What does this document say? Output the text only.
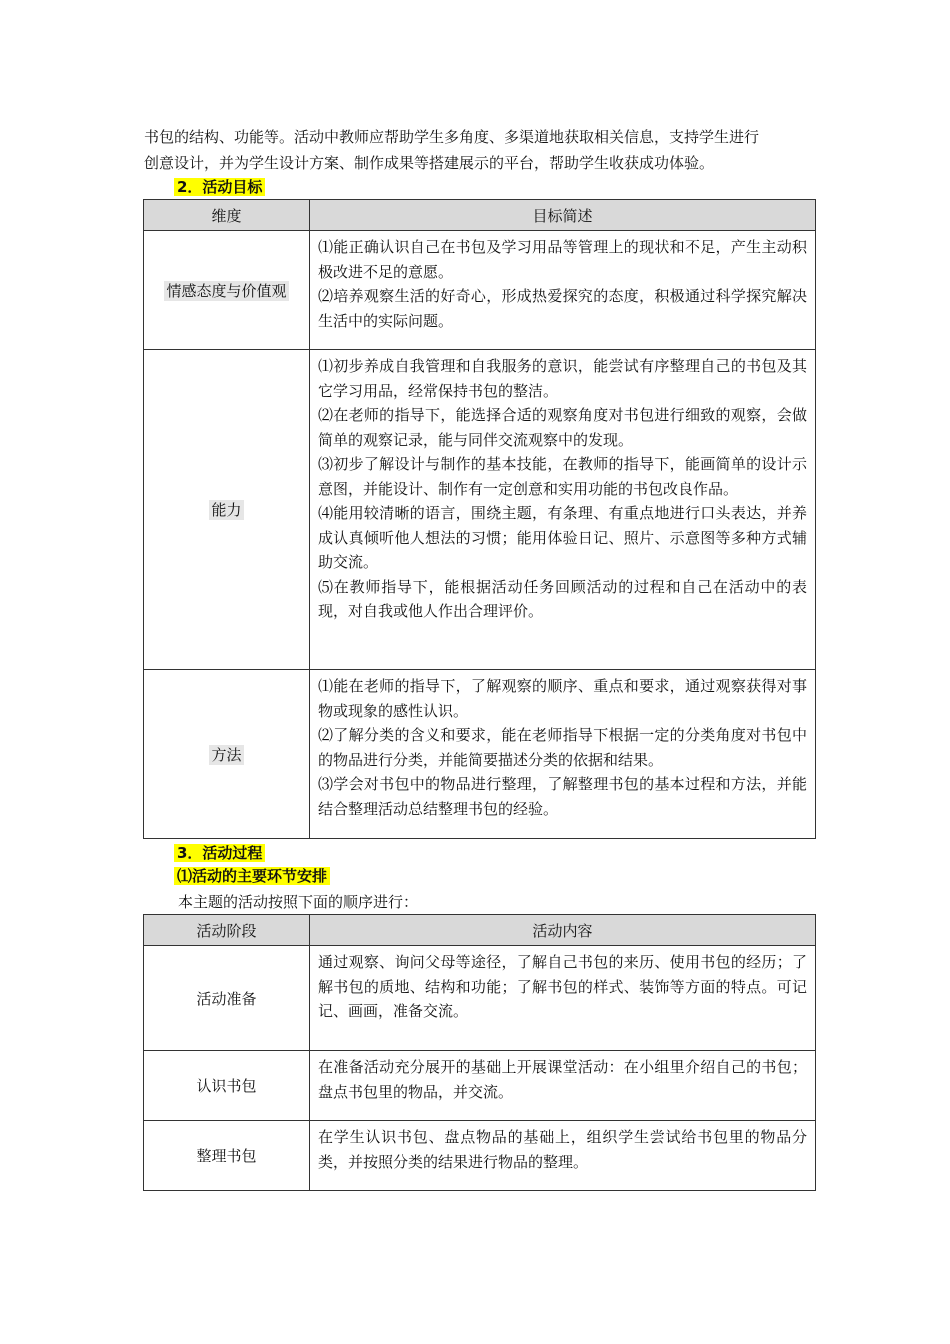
书包的结构、功能等。活动中教师应帮助学生多角度、多渠道地获取相关信息，支持学生进行

创意设计，并为学生设计方案、制作成果等搭建展示的平台，帮助学生收获成功体验。

2．活动目标
维度	目标简述
情感态度与价值观	⑴能正确认识自己在书包及学习用品等管理上的现状和不足，产生主动积极改进不足的意愿。

⑵培养观察生活的好奇心，形成热爱探究的态度，积极通过科学探究解决生活中的实际问题。

能力	⑴初步养成自我管理和自我服务的意识，能尝试有序整理自己的书包及其它学习用品，经常保持书包的整洁。

⑵在老师的指导下，能选择合适的观察角度对书包进行细致的观察，会做简单的观察记录，能与同伴交流观察中的发现。

⑶初步了解设计与制作的基本技能，在教师的指导下，能画简单的设计示意图，并能设计、制作有一定创意和实用功能的书包改良作品。

⑷能用较清晰的语言，围绕主题，有条理、有重点地进行口头表达，并养成认真倾听他人想法的习惯；能用体验日记、照片、示意图等多种方式辅助交流。

⑸在教师指导下，能根据活动任务回顾活动的过程和自己在活动中的表现，对自我或他人作出合理评价。

方法	⑴能在老师的指导下，了解观察的顺序、重点和要求，通过观察获得对事物或现象的感性认识。

⑵了解分类的含义和要求，能在老师指导下根据一定的分类角度对书包中的物品进行分类，并能简要描述分类的依据和结果。

⑶学会对书包中的物品进行整理，了解整理书包的基本过程和方法，并能结合整理活动总结整理书包的经验。

3．活动过程
⑴活动的主要环节安排
本主题的活动按照下面的顺序进行：
活动阶段	活动内容
活动准备	通过观察、询问父母等途径，了解自己书包的来历、使用书包的经历；了解书包的质地、结构和功能；了解书包的样式、装饰等方面的特点。可记记、画画，准备交流。

认识书包	在准备活动充分展开的基础上开展课堂活动：在小组里介绍自己的书包；盘点书包里的物品，并交流。

整理书包	在学生认识书包、盘点物品的基础上，组织学生尝试给书包里的物品分类，并按照分类的结果进行物品的整理。
